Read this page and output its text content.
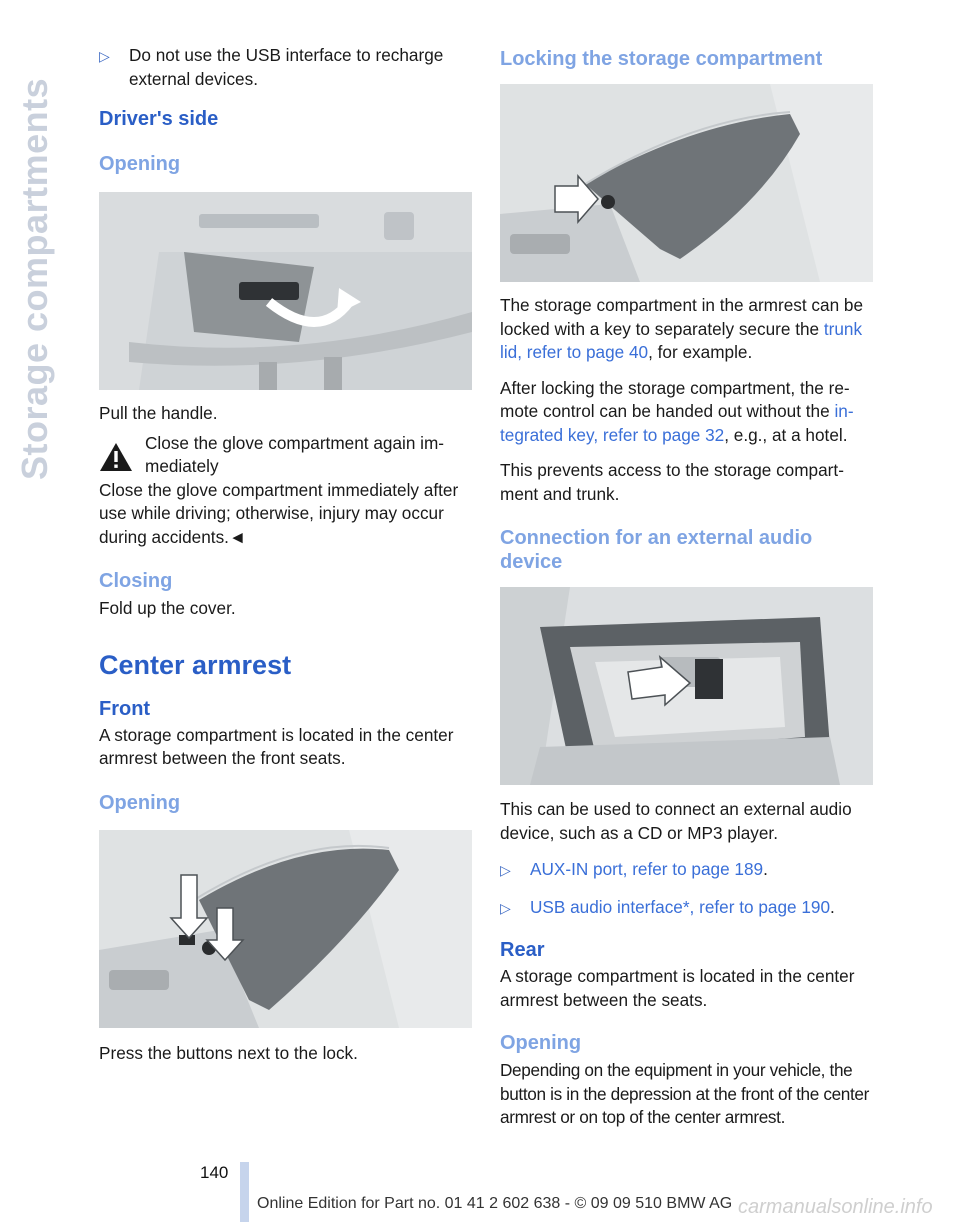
Storage compartments
▷	Do not use the USB interface to recharge external devices.
Driver's side
Opening

Pull the handle.

Close the glove compartment again immediately

Close the glove compartment immediately after use while driving; otherwise, injury may occur during accidents.◄

Closing

Fold up the cover.

Center armrest
Front

A storage compartment is located in the center armrest between the front seats.

Opening

Press the buttons next to the lock.

Locking the storage compartment

The storage compartment in the armrest can be locked with a key to separately secure the trunk lid, refer to page 40, for example.

After locking the storage compartment, the remote control can be handed out without the integrated key, refer to page 32, e.g., at a hotel.

This prevents access to the storage compartment and trunk.

Connection for an external audio device

This can be used to connect an external audio device, such as a CD or MP3 player.

▷	AUX-IN port, refer to page 189.
▷	USB audio interface*, refer to page 190.
Rear

A storage compartment is located in the center armrest between the seats.

Opening

Depending on the equipment in your vehicle, the button is in the depression at the front of the center armrest or on top of the center armrest.

140
Online Edition for Part no. 01 41 2 602 638 - © 09 09 510 BMW AG carmanualsonline.info
